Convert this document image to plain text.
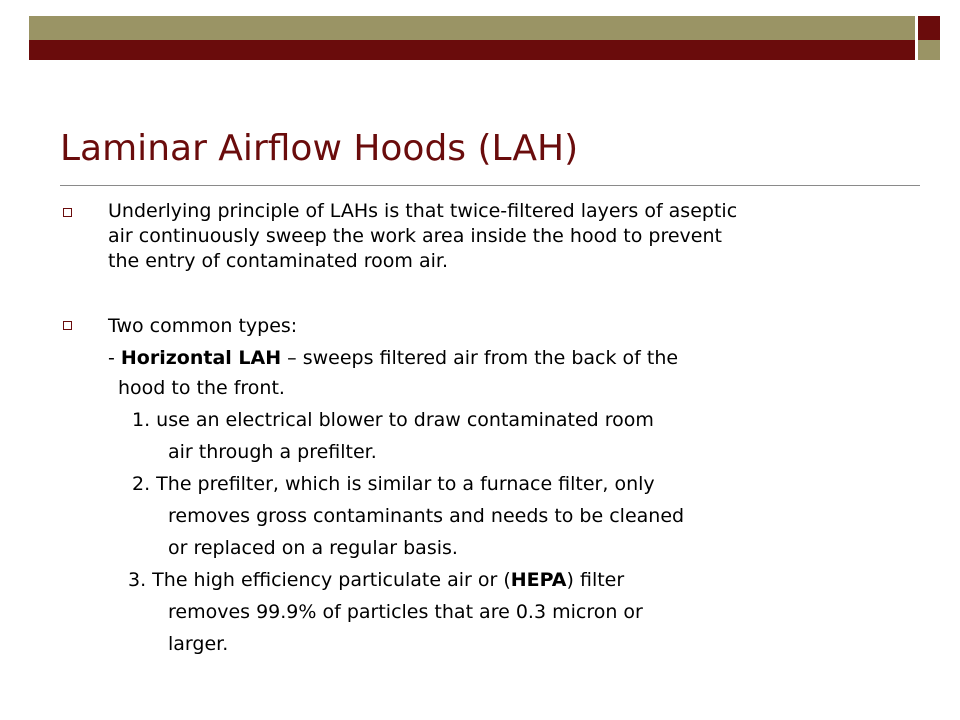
Laminar Airflow Hoods (LAH)
Underlying principle of LAHs is that twice-filtered layers of aseptic
air continuously sweep the work area inside the hood to prevent
the entry of contaminated room air.
Two common types:
- Horizontal LAH – sweeps filtered air from the back of the
hood to the front.
1. use an electrical blower to draw contaminated room
air through a prefilter.
2. The prefilter, which is similar to a furnace filter, only
removes gross contaminants and needs to be cleaned
or replaced on a regular basis.
3. The high efficiency particulate air or (HEPA) filter
removes 99.9% of particles that are 0.3 micron or
larger.
